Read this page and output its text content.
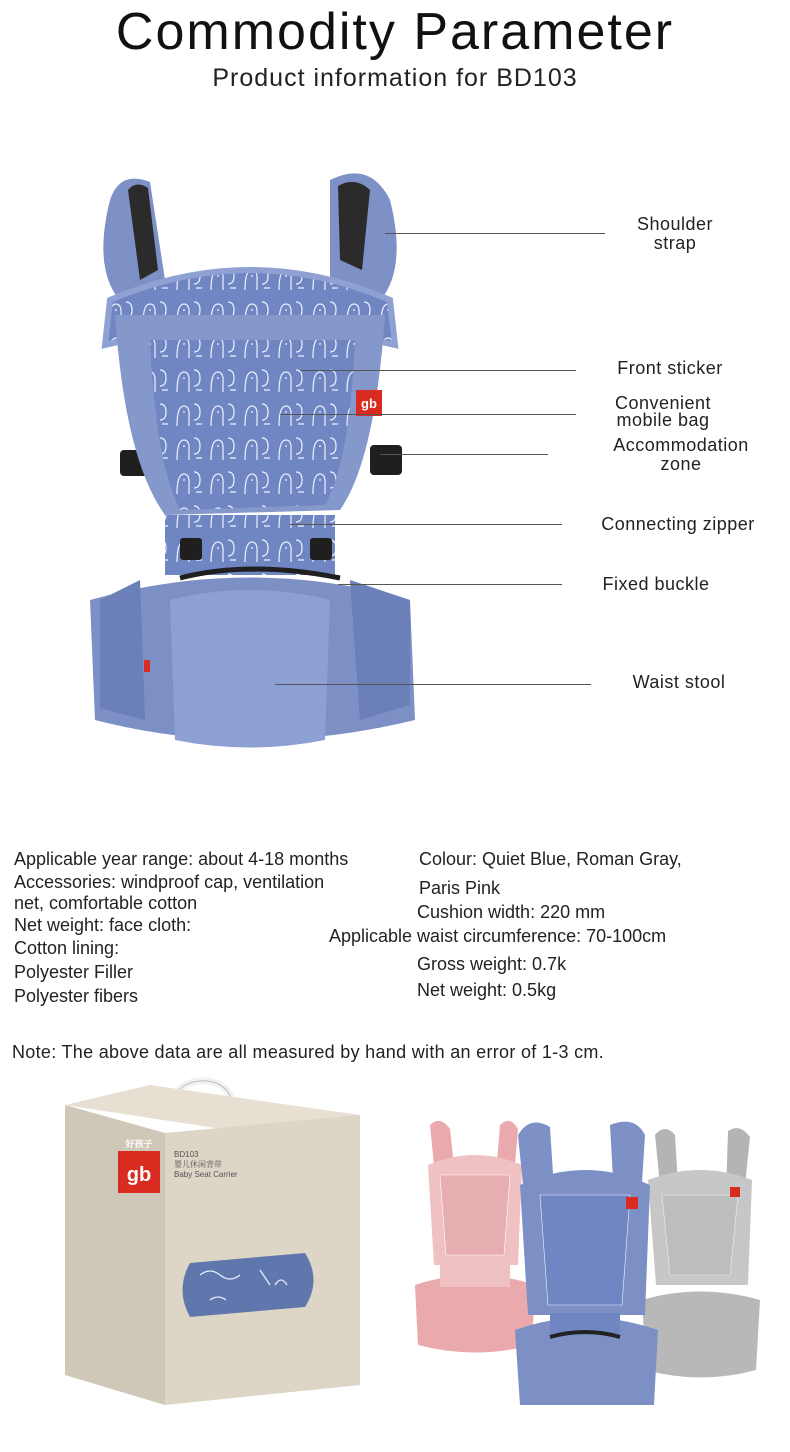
Commodity Parameter
Product information for BD103
gb
Shoulder
strap
Front sticker
Convenient
mobile bag
Accommodation
zone
Connecting zipper
Fixed buckle
Waist stool
Applicable year range: about 4-18 months
Accessories: windproof cap, ventilation
net, comfortable cotton
Net weight: face cloth:
Cotton lining:
Polyester Filler
Polyester fibers
Colour: Quiet Blue, Roman Gray,
Paris Pink
Cushion width: 220 mm
Applicable waist circumference: 70-100cm
Gross weight: 0.7k
Net weight: 0.5kg
Note: The above data are all measured by hand with an error of 1-3 cm.
好孩子
gb
BD103
婴儿休闲背带
Baby Seat Carrier
